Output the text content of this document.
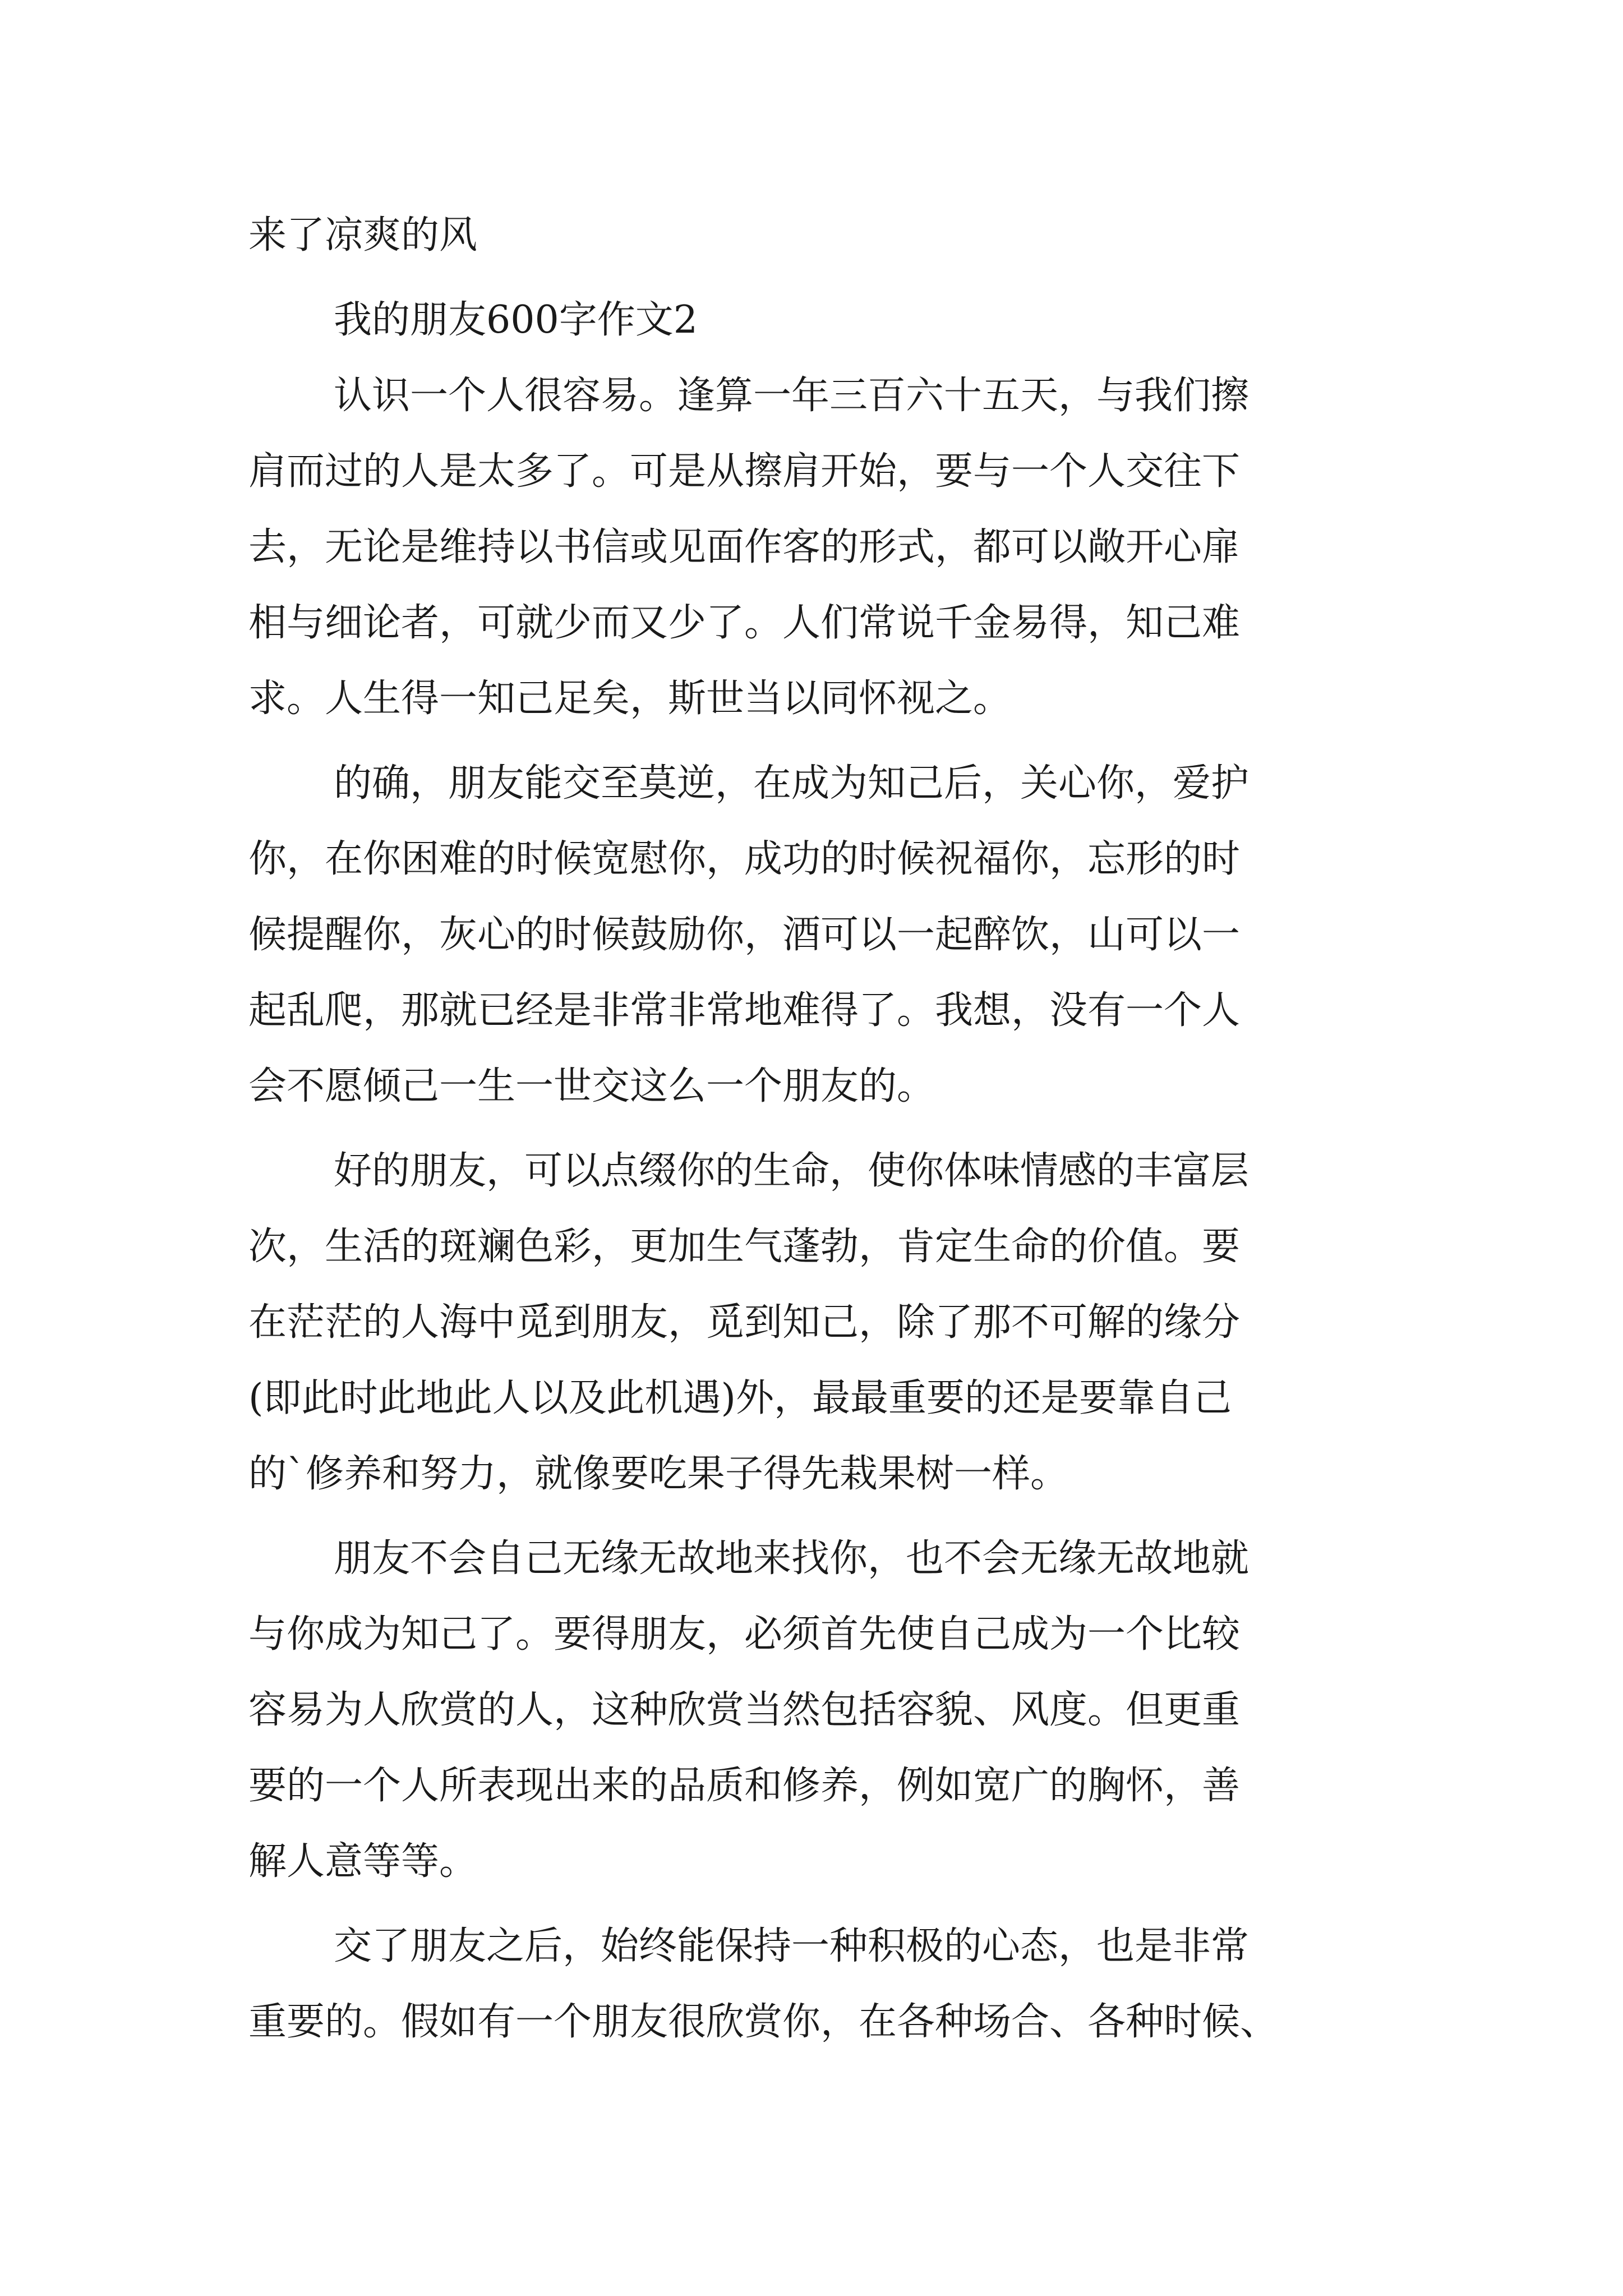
来了凉爽的风
我的朋友600字作文2
认识一个人很容易。逢算一年三百六十五天，与我们擦
肩而过的人是太多了。可是从擦肩开始，要与一个人交往下
去，无论是维持以书信或见面作客的形式，都可以敞开心扉
相与细论者，可就少而又少了。人们常说千金易得，知己难
求。人生得一知己足矣，斯世当以同怀视之。
的确，朋友能交至莫逆，在成为知己后，关心你，爱护
你，在你困难的时候宽慰你，成功的时候祝福你，忘形的时
候提醒你，灰心的时候鼓励你，酒可以一起醉饮，山可以一
起乱爬，那就已经是非常非常地难得了。我想，没有一个人
会不愿倾己一生一世交这么一个朋友的。
好的朋友，可以点缀你的生命，使你体味情感的丰富层
次，生活的斑斓色彩，更加生气蓬勃，肯定生命的价值。要
在茫茫的人海中觅到朋友，觅到知己，除了那不可解的缘分
(即此时此地此人以及此机遇)外，最最重要的还是要靠自己
的`修养和努力，就像要吃果子得先栽果树一样。
朋友不会自己无缘无故地来找你，也不会无缘无故地就
与你成为知己了。要得朋友，必须首先使自己成为一个比较
容易为人欣赏的人，这种欣赏当然包括容貌、风度。但更重
要的一个人所表现出来的品质和修养，例如宽广的胸怀，善
解人意等等。
交了朋友之后，始终能保持一种积极的心态，也是非常
重要的。假如有一个朋友很欣赏你，在各种场合、各种时候、
